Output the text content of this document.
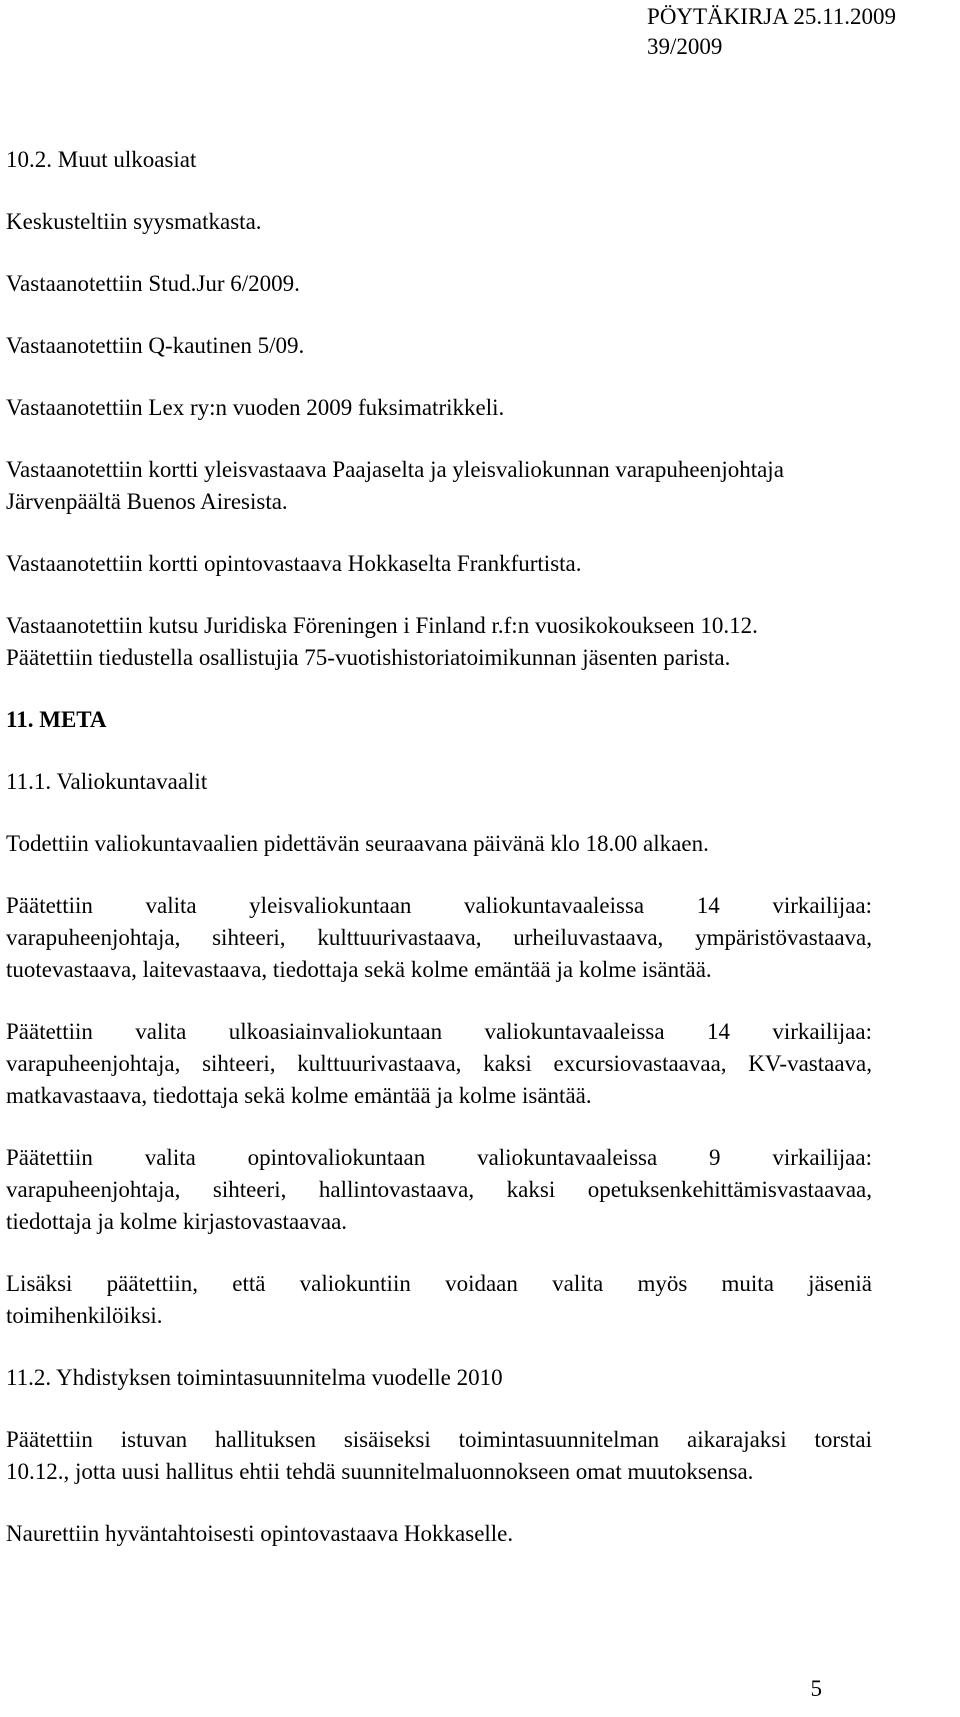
PÖYTÄKIRJA 25.11.2009
39/2009
10.2. Muut ulkoasiat
Keskusteltiin syysmatkasta.
Vastaanotettiin Stud.Jur 6/2009.
Vastaanotettiin Q-kautinen 5/09.
Vastaanotettiin Lex ry:n vuoden 2009 fuksimatrikkeli.
Vastaanotettiin kortti yleisvastaava Paajaselta ja yleisvaliokunnan varapuheenjohtaja
Järvenpäältä Buenos Airesista.
Vastaanotettiin kortti opintovastaava Hokkaselta Frankfurtista.
Vastaanotettiin kutsu Juridiska Föreningen i Finland r.f:n vuosikokoukseen 10.12.
Päätettiin tiedustella osallistujia 75-vuotishistoriatoimikunnan jäsenten parista.
11. META
11.1. Valiokuntavaalit
Todettiin valiokuntavaalien pidettävän seuraavana päivänä klo 18.00 alkaen.
Päätettiin valita yleisvaliokuntaan valiokuntavaaleissa 14 virkailijaa:
varapuheenjohtaja, sihteeri, kulttuurivastaava, urheiluvastaava, ympäristövastaava,
tuotevastaava, laitevastaava, tiedottaja sekä kolme emäntää ja kolme isäntää.
Päätettiin valita ulkoasiainvaliokuntaan valiokuntavaaleissa 14 virkailijaa:
varapuheenjohtaja, sihteeri, kulttuurivastaava, kaksi excursiovastaavaa, KV-vastaava,
matkavastaava, tiedottaja sekä kolme emäntää ja kolme isäntää.
Päätettiin valita opintovaliokuntaan valiokuntavaaleissa 9 virkailijaa:
varapuheenjohtaja, sihteeri, hallintovastaava, kaksi opetuksenkehittämisvastaavaa,
tiedottaja ja kolme kirjastovastaavaa.
Lisäksi päätettiin, että valiokuntiin voidaan valita myös muita jäseniä
toimihenkilöiksi.
11.2. Yhdistyksen toimintasuunnitelma vuodelle 2010
Päätettiin istuvan hallituksen sisäiseksi toimintasuunnitelman aikarajaksi torstai
10.12., jotta uusi hallitus ehtii tehdä suunnitelmaluonnokseen omat muutoksensa.
Naurettiin hyväntahtoisesti opintovastaava Hokkaselle.
5
